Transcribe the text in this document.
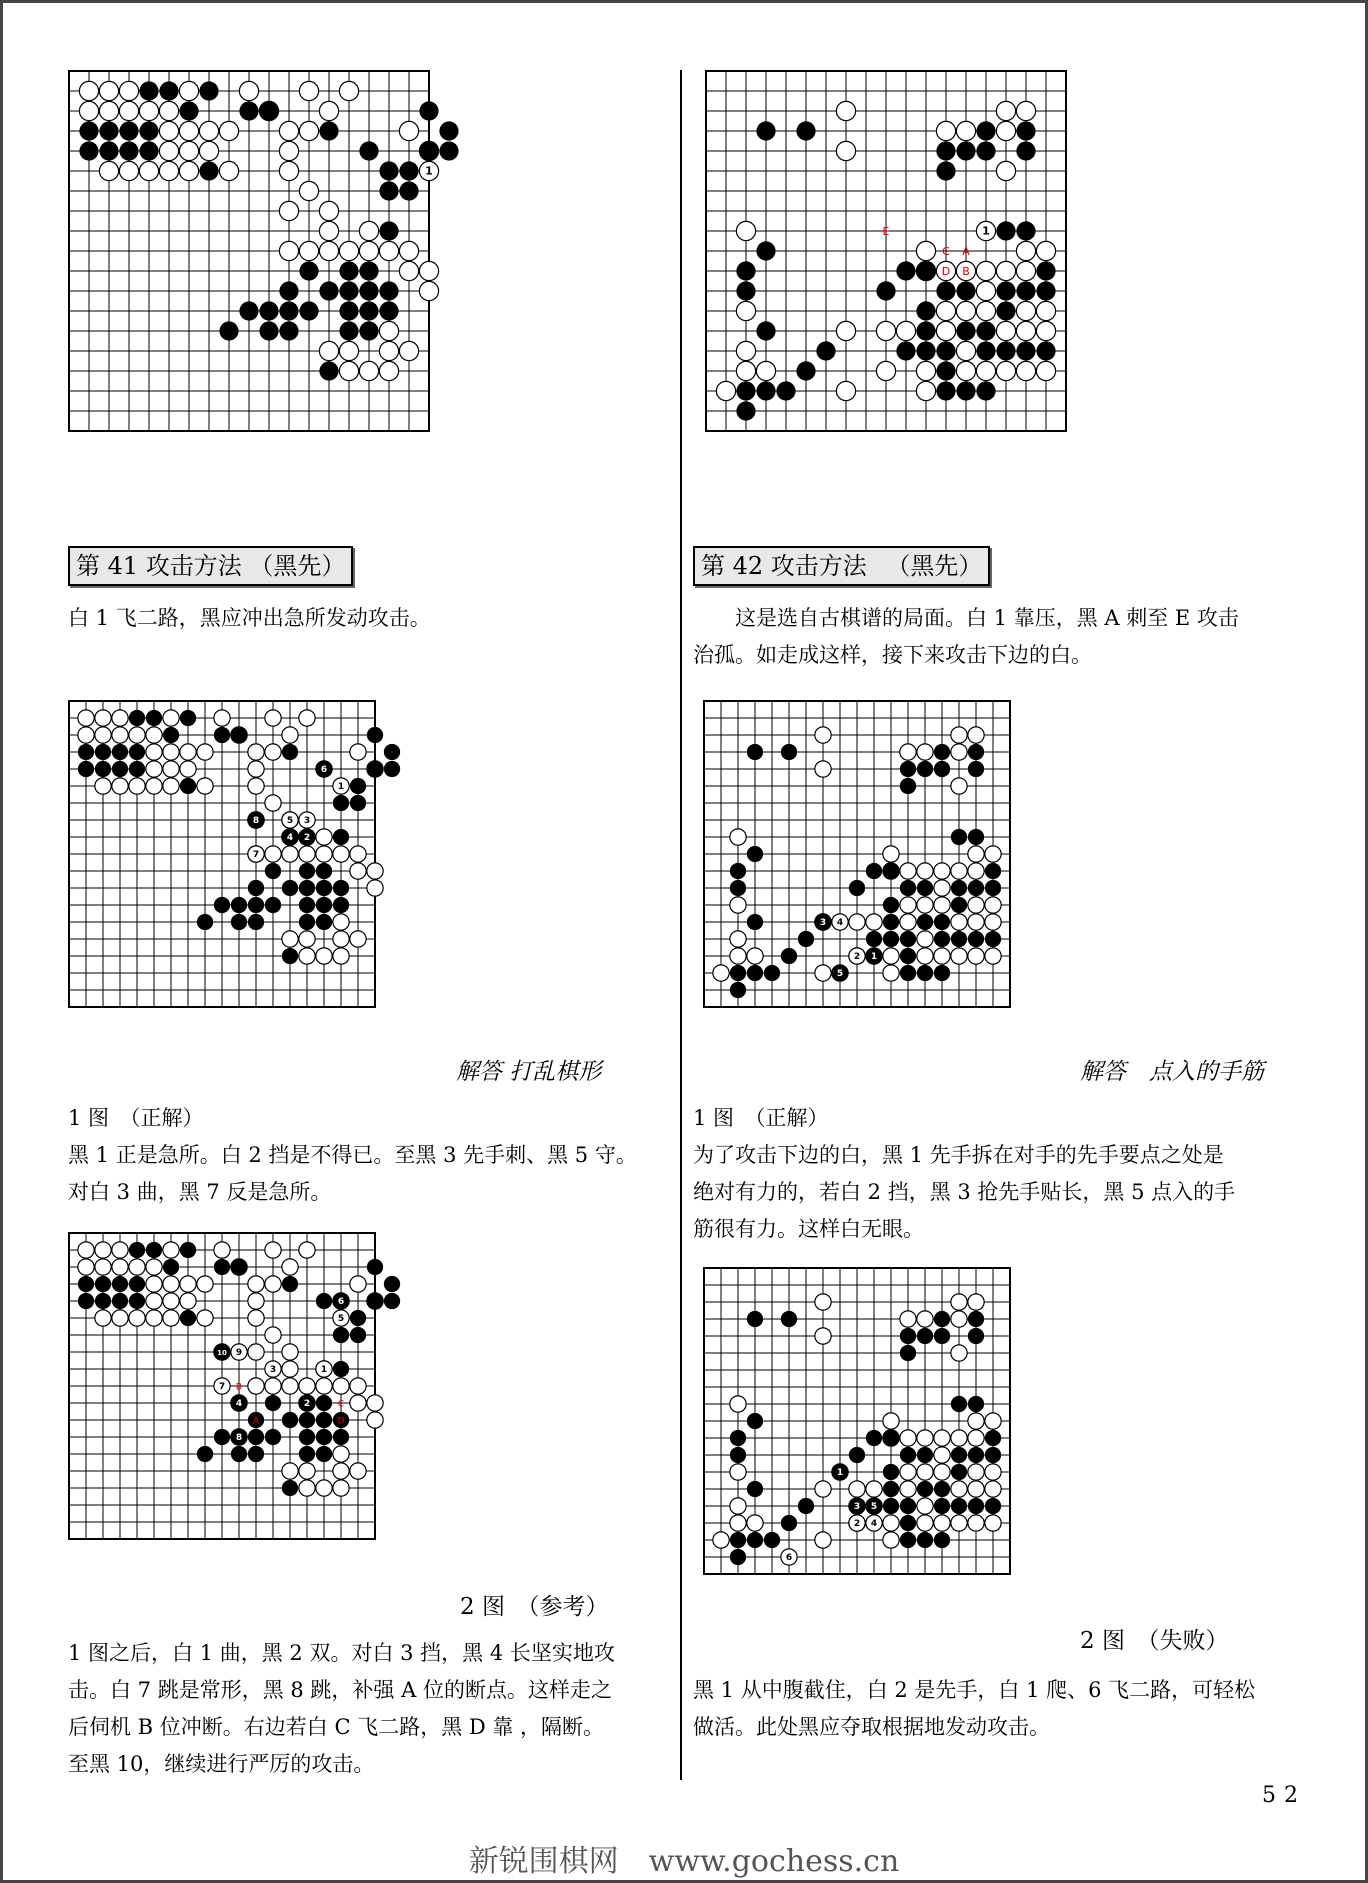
1
第 41 攻击方法 （黑先）
白 1 飞二路，黑应冲出急所发动攻击。
6
1
8	5 3
4 2
7
解答 打乱棋形
1 图　（正解）
黑 1 正是急所。白 2 挡是不得已。至黑 3 先手刺、黑 5 守。
对白 3 曲，黑 7 反是急所。
6
5
10 9
3	1
7
4	2
8
B
A
C
D
2 图　（参考）
1 图之后，白 1 曲，黑 2 双。对白 3 挡，黑 4 长坚实地攻
击。白 7 跳是常形，黑 8 跳，补强 A 位的断点。这样走之
后伺机 B 位冲断。右边若白 C 飞二路，黑 D 靠 ，隔断。
至黑 10，继续进行严厉的攻击。
1
E
C A
D B
第 42 攻击方法 　（黑先）
　　这是选自古棋谱的局面。白 1 靠压，黑 A 刺至 E 攻击
治孤。如走成这样，接下来攻击下边的白。
3 4
2 1
5
解答　点入的手筋
1 图　（正解）
为了攻击下边的白，黑 1 先手拆在对手的先手要点之处是
绝对有力的，若白 2 挡，黑 3 抢先手贴长，黑 5 点入的手
筋很有力。这样白无眼。
1
3 5
2 4
6
2 图　（失败）
黑 1 从中腹截住，白 2 是先手，白 1 爬、6 飞二路，可轻松
做活。此处黑应夺取根据地发动攻击。
52
新锐围棋网　www.gochess.cn
